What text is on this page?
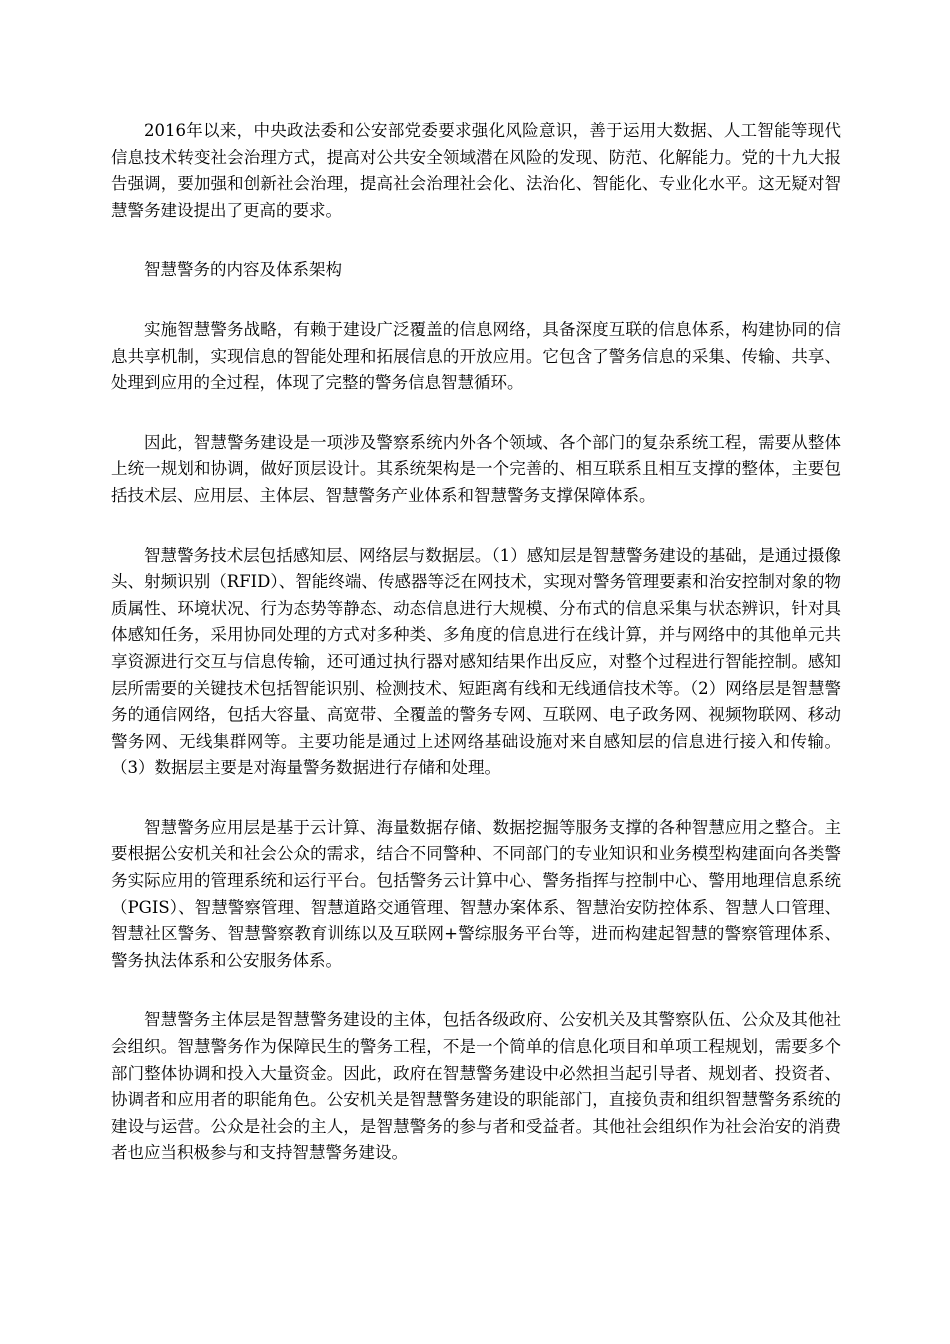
2016年以来，中央政法委和公安部党委要求强化风险意识，善于运用大数据、人工智能等现代信息技术转变社会治理方式，提高对公共安全领域潜在风险的发现、防范、化解能力。党的十九大报告强调，要加强和创新社会治理，提高社会治理社会化、法治化、智能化、专业化水平。这无疑对智慧警务建设提出了更高的要求。

智慧警务的内容及体系架构

实施智慧警务战略，有赖于建设广泛覆盖的信息网络，具备深度互联的信息体系，构建协同的信息共享机制，实现信息的智能处理和拓展信息的开放应用。它包含了警务信息的采集、传输、共享、处理到应用的全过程，体现了完整的警务信息智慧循环。

因此，智慧警务建设是一项涉及警察系统内外各个领域、各个部门的复杂系统工程，需要从整体上统一规划和协调，做好顶层设计。其系统架构是一个完善的、相互联系且相互支撑的整体，主要包括技术层、应用层、主体层、智慧警务产业体系和智慧警务支撑保障体系。

智慧警务技术层包括感知层、网络层与数据层。（1）感知层是智慧警务建设的基础，是通过摄像头、射频识别（RFID）、智能终端、传感器等泛在网技术，实现对警务管理要素和治安控制对象的物质属性、环境状况、行为态势等静态、动态信息进行大规模、分布式的信息采集与状态辨识，针对具体感知任务，采用协同处理的方式对多种类、多角度的信息进行在线计算，并与网络中的其他单元共享资源进行交互与信息传输，还可通过执行器对感知结果作出反应，对整个过程进行智能控制。感知层所需要的关键技术包括智能识别、检测技术、短距离有线和无线通信技术等。（2）网络层是智慧警务的通信网络，包括大容量、高宽带、全覆盖的警务专网、互联网、电子政务网、视频物联网、移动警务网、无线集群网等。主要功能是通过上述网络基础设施对来自感知层的信息进行接入和传输。（3）数据层主要是对海量警务数据进行存储和处理。

智慧警务应用层是基于云计算、海量数据存储、数据挖掘等服务支撑的各种智慧应用之整合。主要根据公安机关和社会公众的需求，结合不同警种、不同部门的专业知识和业务模型构建面向各类警务实际应用的管理系统和运行平台。包括警务云计算中心、警务指挥与控制中心、警用地理信息系统（PGIS）、智慧警察管理、智慧道路交通管理、智慧办案体系、智慧治安防控体系、智慧人口管理、智慧社区警务、智慧警察教育训练以及互联网+警综服务平台等，进而构建起智慧的警察管理体系、警务执法体系和公安服务体系。

智慧警务主体层是智慧警务建设的主体，包括各级政府、公安机关及其警察队伍、公众及其他社会组织。智慧警务作为保障民生的警务工程，不是一个简单的信息化项目和单项工程规划，需要多个部门整体协调和投入大量资金。因此，政府在智慧警务建设中必然担当起引导者、规划者、投资者、协调者和应用者的职能角色。公安机关是智慧警务建设的职能部门，直接负责和组织智慧警务系统的建设与运营。公众是社会的主人，是智慧警务的参与者和受益者。其他社会组织作为社会治安的消费者也应当积极参与和支持智慧警务建设。
